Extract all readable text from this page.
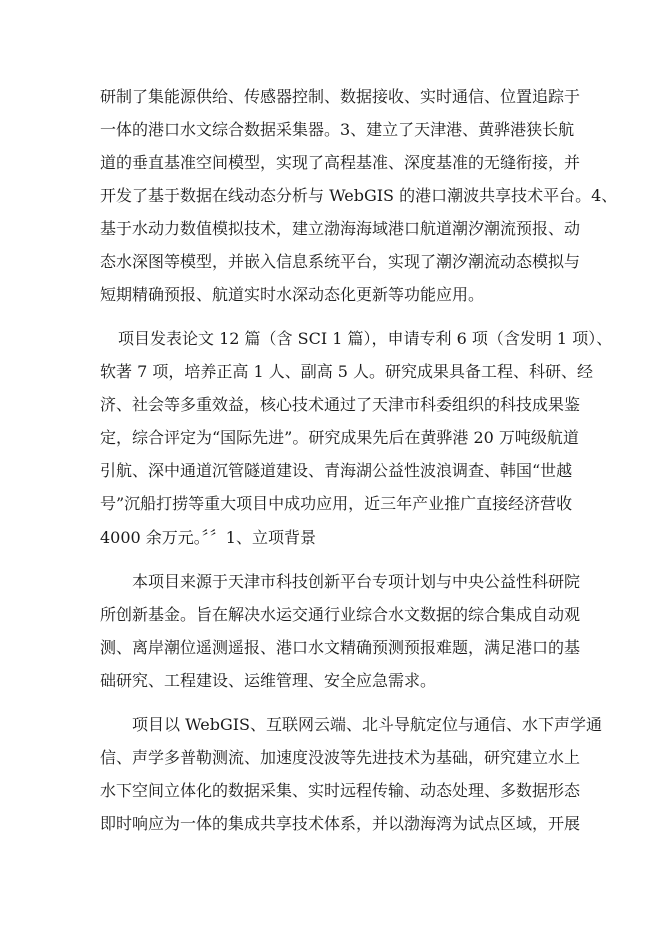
研制了集能源供给、传感器控制、数据接收、实时通信、位置追踪于
一体的港口水文综合数据采集器。3、建立了天津港、黄骅港狭长航
道的垂直基准空间模型，实现了高程基准、深度基准的无缝衔接，并
开发了基于数据在线动态分析与 WebGIS 的港口潮波共享技术平台。4、
基于水动力数值模拟技术，建立渤海海域港口航道潮汐潮流预报、动
态水深图等模型，并嵌入信息系统平台，实现了潮汐潮流动态模拟与
短期精确预报、航道实时水深动态化更新等功能应用。
项目发表论文 12 篇（含 SCI 1 篇），申请专利 6 项（含发明 1 项）、
软著 7 项，培养正高 1 人、副高 5 人。研究成果具备工程、科研、经
济、社会等多重效益，核心技术通过了天津市科委组织的科技成果鉴
定，综合评定为“国际先进”。研究成果先后在黄骅港 20 万吨级航道
引航、深中通道沉管隧道建设、青海湖公益性波浪调查、韩国“世越
号”沉船打捞等重大项目中成功应用，近三年产业推广直接经济营收
4000 余万元。〞〞1、立项背景
本项目来源于天津市科技创新平台专项计划与中央公益性科研院
所创新基金。旨在解决水运交通行业综合水文数据的综合集成自动观
测、离岸潮位遥测遥报、港口水文精确预测预报难题，满足港口的基
础研究、工程建设、运维管理、安全应急需求。
项目以 WebGIS、互联网云端、北斗导航定位与通信、水下声学通
信、声学多普勒测流、加速度没波等先进技术为基础，研究建立水上
水下空间立体化的数据采集、实时远程传输、动态处理、多数据形态
即时响应为一体的集成共享技术体系，并以渤海湾为试点区域，开展
